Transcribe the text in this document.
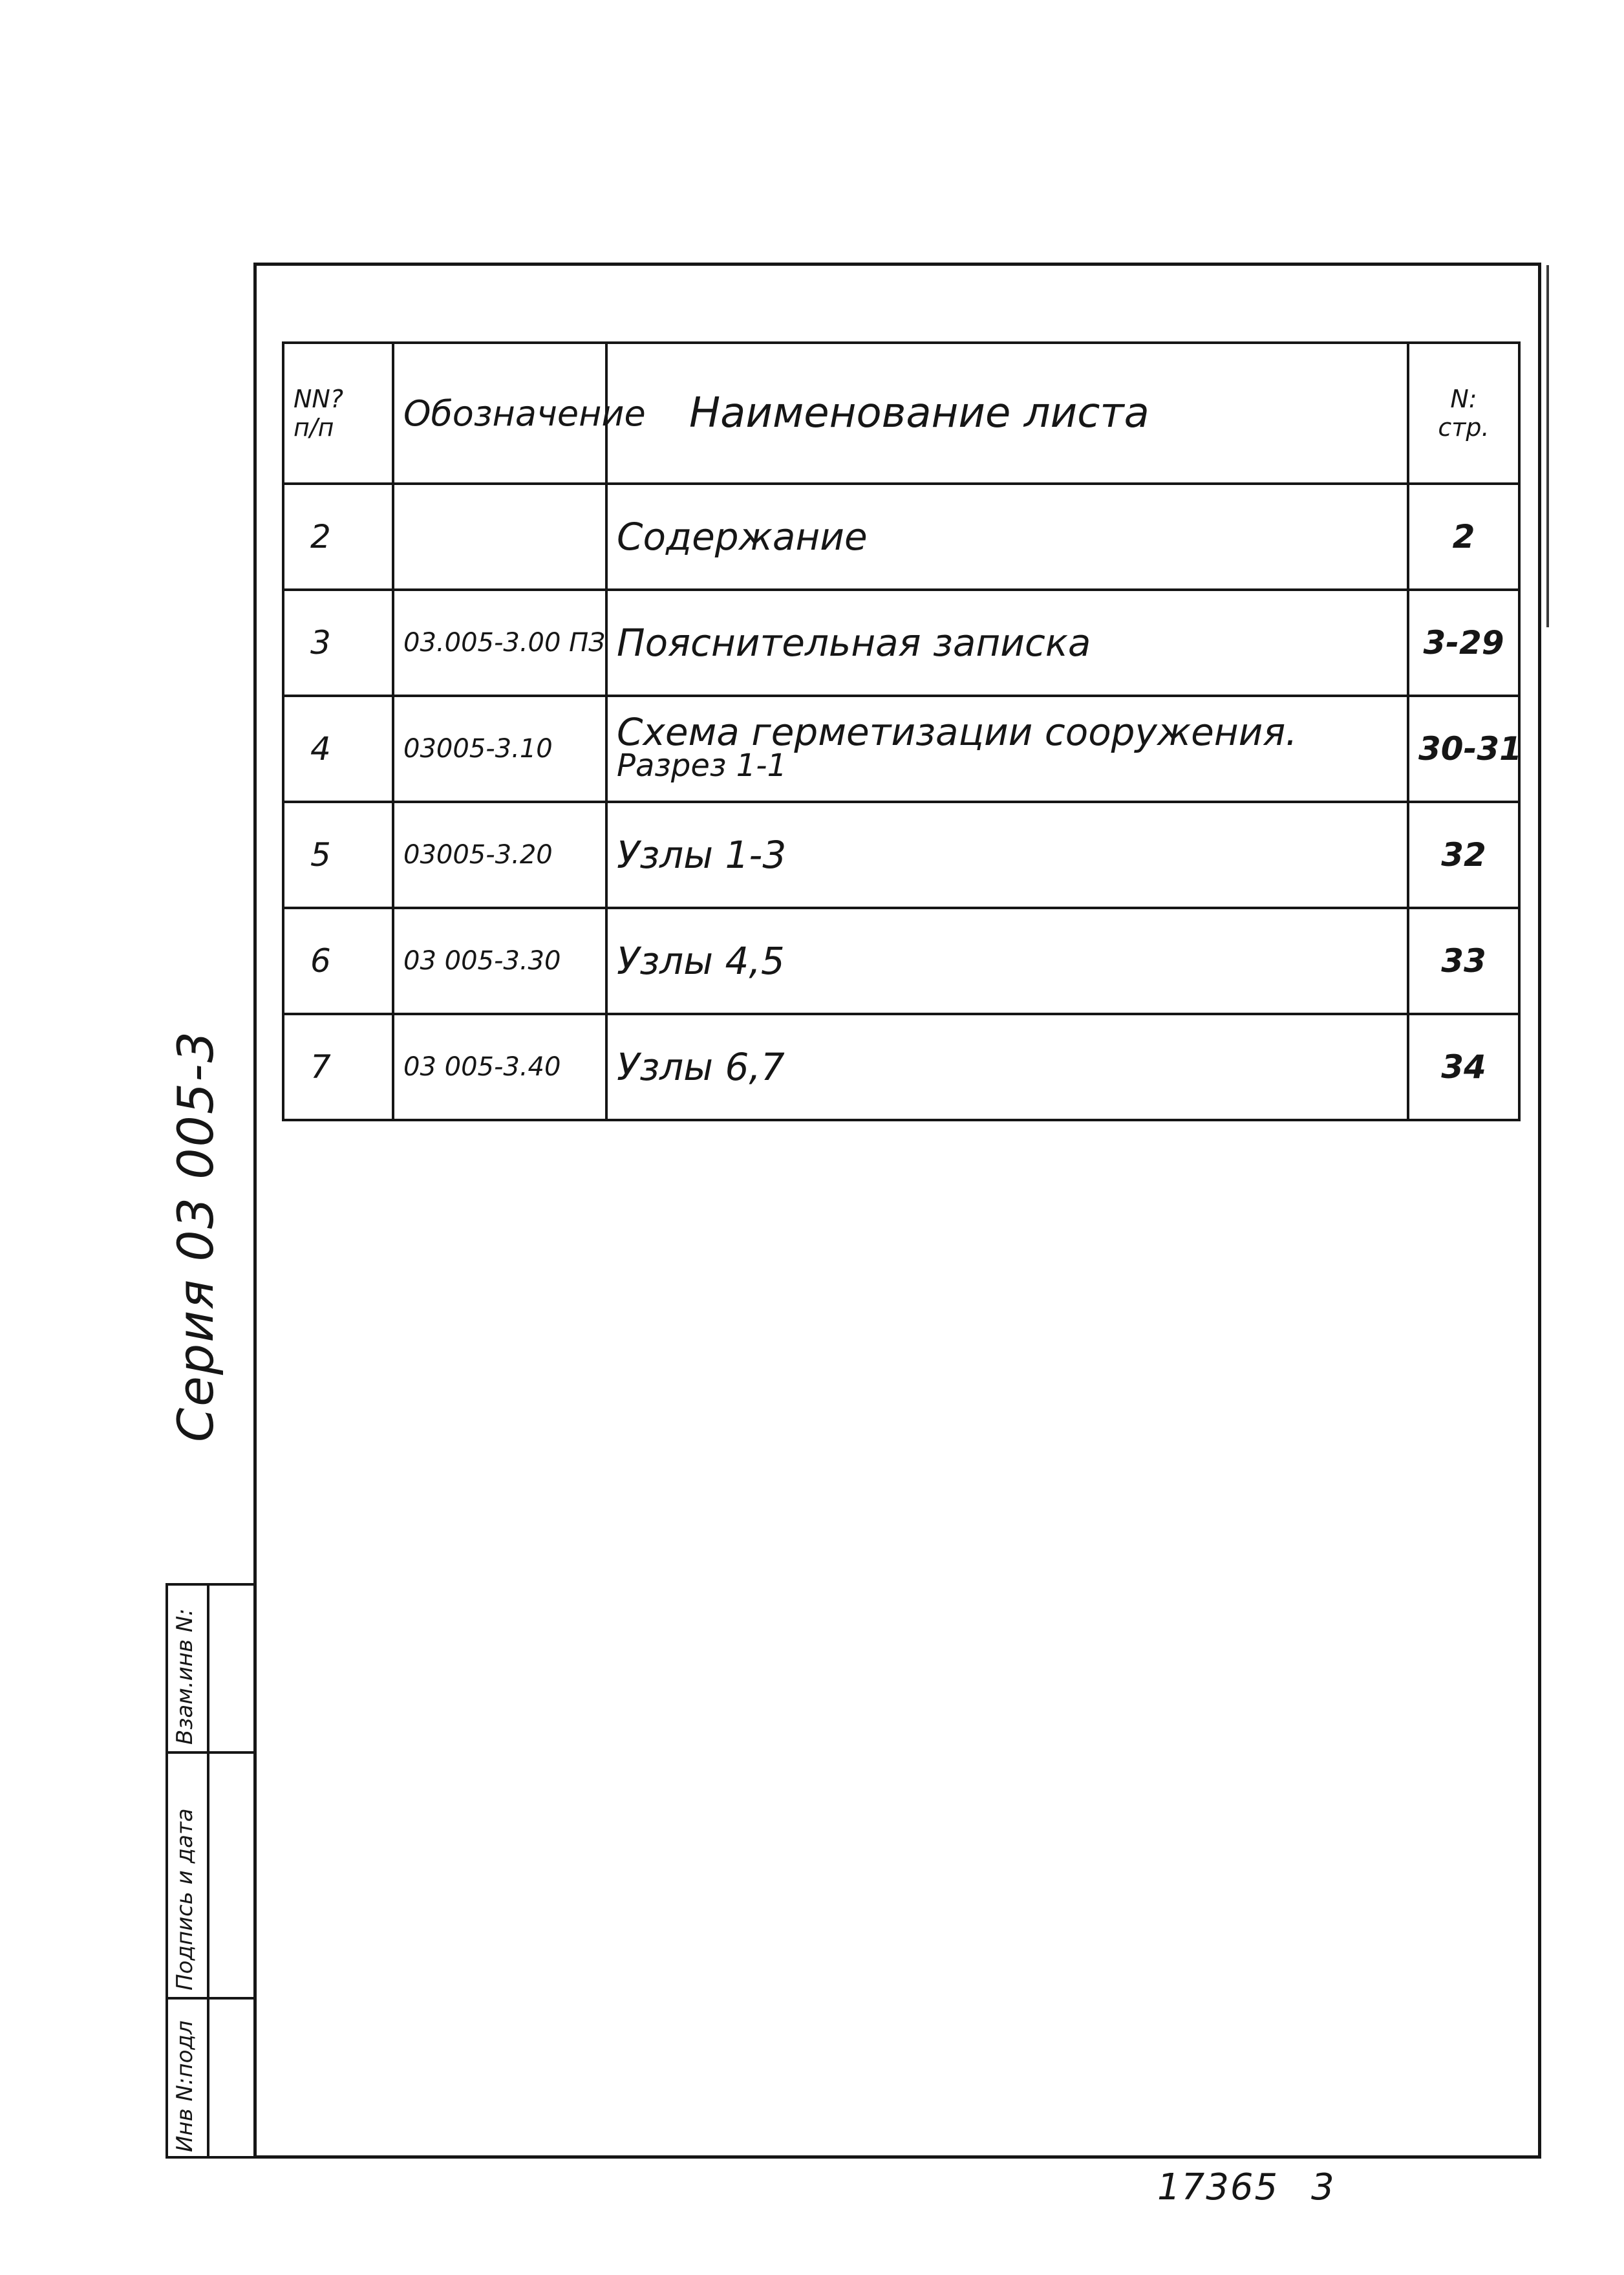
NN?
п/п	Обозначение	Наименование листа	N:
стр.

2		Содержание	2
3	03.005-3.00 ПЗ	Пояснительная записка	3-29
4	03005-3.10	Схема герметизации сооружения.
Разрез 1-1	30-31
5	03005-3.20	Узлы 1-3	32
6	03 005-3.30	Узлы 4,5	33
7	03 005-3.40	Узлы 6,7	34
Серия 03 005-3
Взам.инв N:
Подпись и дата
Инв N:подл
17365 3
